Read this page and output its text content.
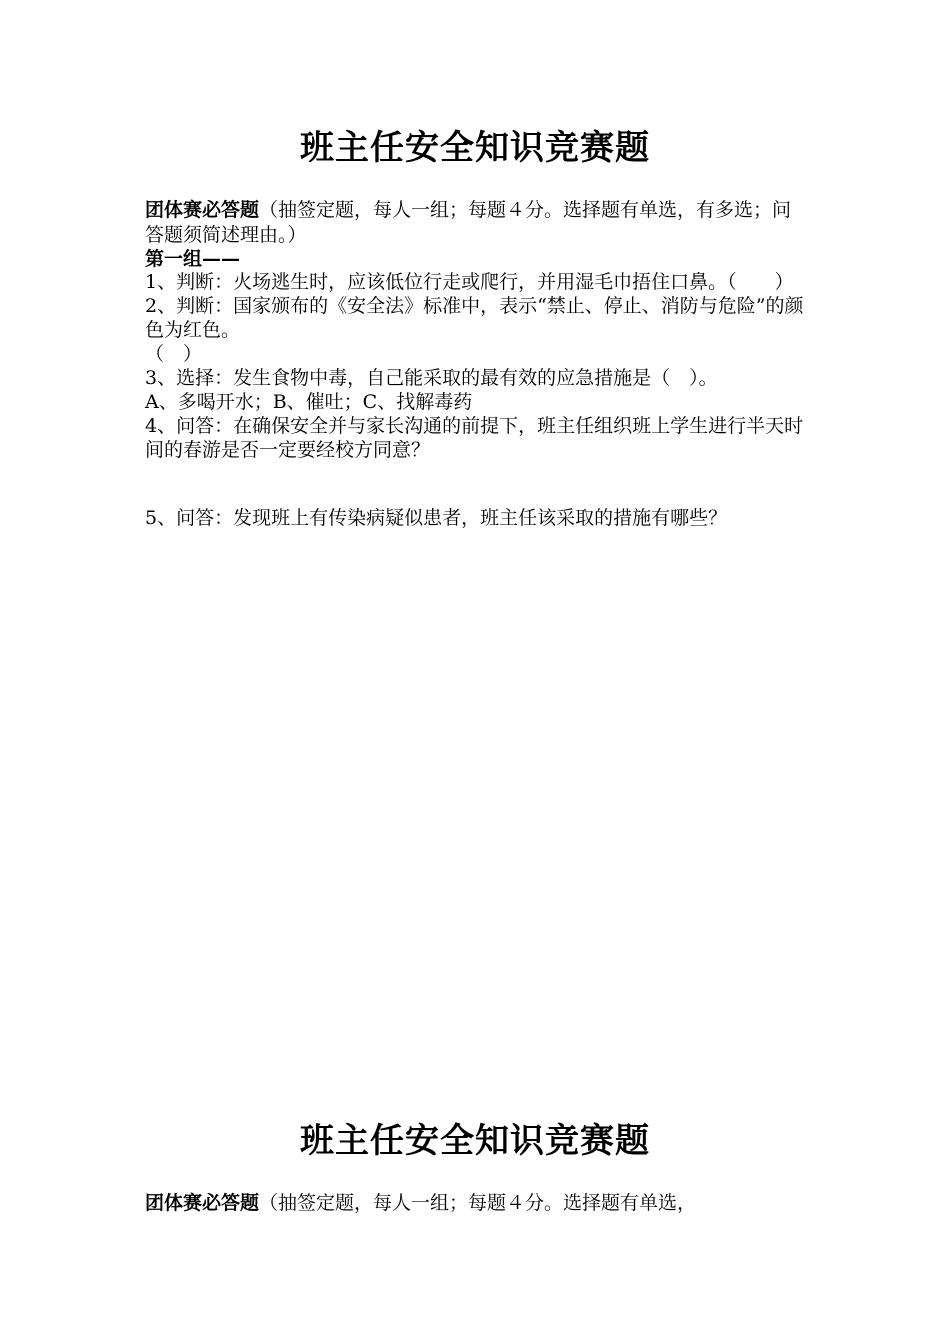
班主任安全知识竞赛题

团体赛必答题（抽签定题，每人一组；每题４分。选择题有单选，有多选；问答题须简述理由。）

第一组——

1、判断：火场逃生时，应该低位行走或爬行，并用湿毛巾捂住口鼻。（　　）

2、判断：国家颁布的《安全法》标准中，表示“禁止、停止、消防与危险”的颜色为红色。

（　）

3、选择：发生食物中毒，自己能采取的最有效的应急措施是（　）。

A、多喝开水；B、催吐；C、找解毒药

4、问答：在确保安全并与家长沟通的前提下，班主任组织班上学生进行半天时间的春游是否一定要经校方同意？

5、问答：发现班上有传染病疑似患者，班主任该采取的措施有哪些？

班主任安全知识竞赛题

团体赛必答题（抽签定题，每人一组；每题４分。选择题有单选，
